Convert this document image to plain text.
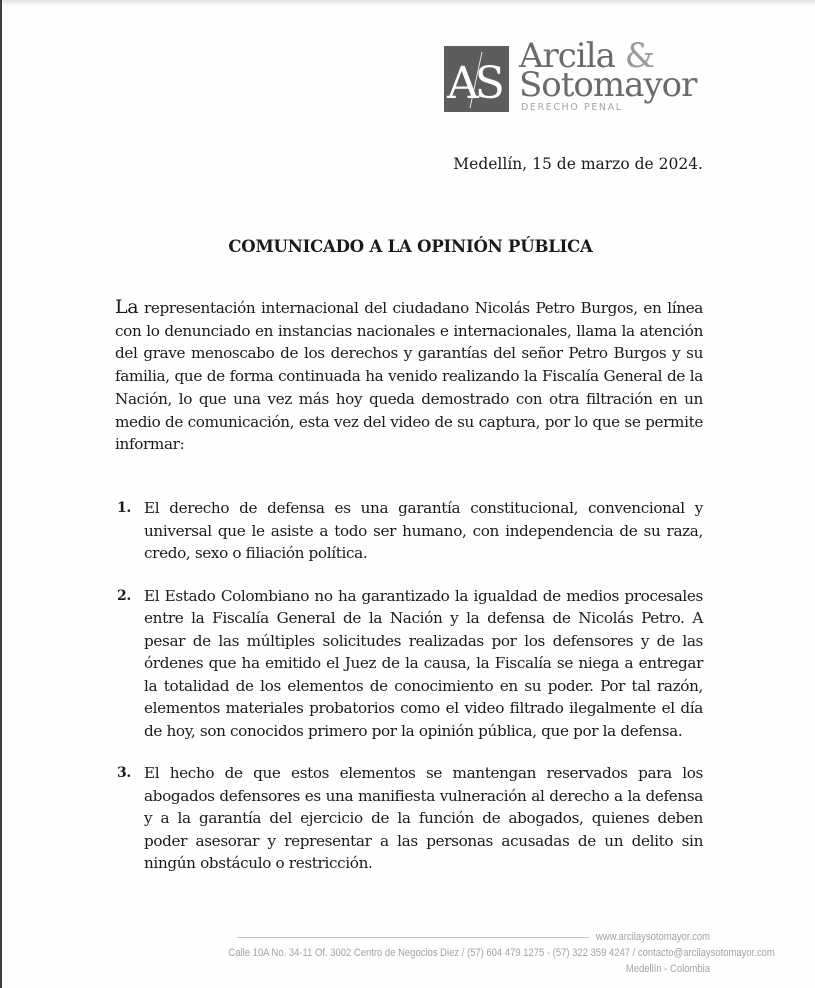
AS
Arcila &
Sotomayor
DERECHO PENAL
Medellín, 15 de marzo de 2024.
COMUNICADO A LA OPINIÓN PÚBLICA

La representación internacional del ciudadano Nicolás Petro Burgos, en línea con lo denunciado en instancias nacionales e internacionales, llama la atención del grave menoscabo de los derechos y garantías del señor Petro Burgos y su familia, que de forma continuada ha venido realizando la Fiscalía General de la Nación, lo que una vez más hoy queda demostrado con otra filtración en un medio de comunicación, esta vez del video de su captura, por lo que se permite informar:

1. El derecho de defensa es una garantía constitucional, convencional y universal que le asiste a todo ser humano, con independencia de su raza, credo, sexo o filiación política.
2. El Estado Colombiano no ha garantizado la igualdad de medios procesales entre la Fiscalía General de la Nación y la defensa de Nicolás Petro. A pesar de las múltiples solicitudes realizadas por los defensores y de las órdenes que ha emitido el Juez de la causa, la Fiscalía se niega a entregar la totalidad de los elementos de conocimiento en su poder. Por tal razón, elementos materiales probatorios como el video filtrado ilegalmente el día de hoy, son conocidos primero por la opinión pública, que por la defensa.
3. El hecho de que estos elementos se mantengan reservados para los abogados defensores es una manifiesta vulneración al derecho a la defensa y a la garantía del ejercicio de la función de abogados, quienes deben poder asesorar y representar a las personas acusadas de un delito sin ningún obstáculo o restricción.
www.arcilaysotomayor.com
Calle 10A No. 34-11 Of. 3002 Centro de Negocios Diez / (57) 604 479 1275 - (57) 322 359 4247 / contacto@arcilaysotomayor.com
Medellín - Colombia
